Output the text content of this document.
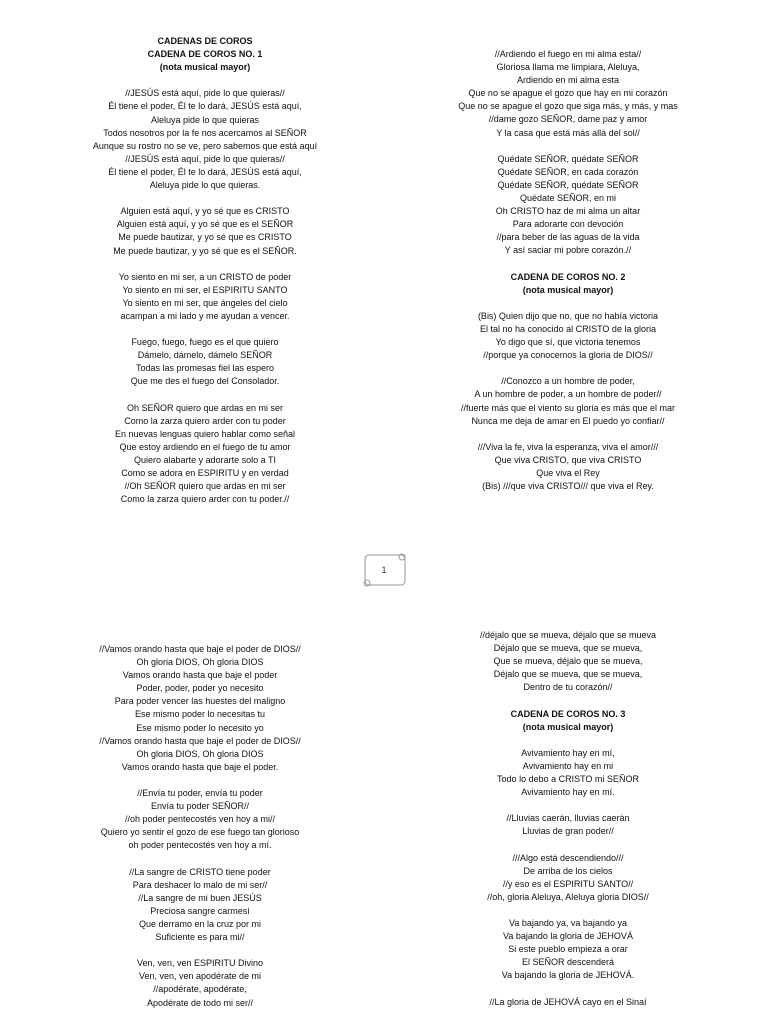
CADENAS DE COROS
CADENA DE COROS NO. 1
(nota musical mayor)
//JESÚS está aquí, pide lo que quieras//
Él tiene el poder, Él te lo dará, JESÚS está aquí,
Aleluya pide lo que quieras
Todos nosotros por la fe nos acercamos al SEÑOR
Aunque su rostro no se ve, pero sabemos que está aquí
//JESÚS está aquí, pide lo que quieras//
Él tiene el poder, Él te lo dará, JESÚS está aquí,
Aleluya pide lo que quieras.
Alguien está aquí, y yo sé que es CRISTO
Alguien está aquí, y yo sé que es el SEÑOR
Me puede bautizar, y yo sé que es CRISTO
Me puede bautizar, y yo sé que es el SEÑOR.
Yo siento en mi ser, a un CRISTO de poder
Yo siento en mi ser, el ESPIRITU SANTO
Yo siento en mi ser, que ángeles del cielo
acampan a mi lado y me ayudan a vencer.
Fuego, fuego, fuego es el que quiero
Dámelo, dámelo, dámelo SEÑOR
Todas las promesas fiel las espero
Que me des el fuego del Consolador.
Oh SEÑOR quiero que ardas en mi ser
Como la zarza quiero arder con tu poder
En nuevas lenguas quiero hablar como señal
Que estoy ardiendo en el fuego de tu amor
Quiero alabarte y adorarte solo a TI
Como se adora en ESPIRITU y en verdad
//Oh SEÑOR quiero que ardas en mi ser
Como la zarza quiero arder con tu poder.//
//Ardiendo el fuego en mi alma esta//
Gloriosa llama me limpiara, Aleluya,
Ardiendo en mi alma esta
Que no se apague el gozo que hay en mi corazón
Que no se apague el gozo que siga más, y más, y mas
//dame gozo SEÑOR, dame paz y amor
Y la casa que está más allá del sol//
Quédate SEÑOR, quédate SEÑOR
Quédate SEÑOR, en cada corazón
Quédate SEÑOR, quédate SEÑOR
Quédate SEÑOR, en mi
Oh CRISTO haz de mi alma un altar
Para adorarte con devoción
//para beber de las aguas de la vida
Y así saciar mi pobre corazón.//
CADENA DE COROS NO. 2
(nota musical mayor)
(Bis) Quien dijo que no, que no había victoria
El tal no ha conocido al CRISTO de la gloria
Yo digo que sí, que victoria tenemos
//porque ya conocemos la gloria de DIOS//
//Conozco a un hombre de poder,
A un hombre de poder, a un hombre de poder//
//fuerte más que el viento su gloria es más que el mar
Nunca me deja de amar en El puedo yo confiar//
///Viva la fe, viva la esperanza, viva el amor///
Que viva CRISTO, que viva CRISTO
Que viva el Rey
(Bis) ///que viva CRISTO/// que viva el Rey.
1
//Vamos orando hasta que baje el poder de DIOS//
Oh gloria DIOS, Oh gloria DIOS
Vamos orando hasta que baje el poder
Poder, poder, poder yo necesito
Para poder vencer las huestes del maligno
Ese mismo poder lo necesitas tu
Ese mismo poder lo necesito yo
//Vamos orando hasta que baje el poder de DIOS//
Oh gloria DIOS, Oh gloria DIOS
Vamos orando hasta que baje el poder.
//Envía tu poder, envía tu poder
Envía tu poder SEÑOR//
//oh poder pentecostés ven hoy a mi//
Quiero yo sentir el gozo de ese fuego tan glorioso
oh poder pentecostés ven hoy a mí.
//La sangre de CRISTO tiene poder
Para deshacer lo malo de mi ser//
//La sangre de mi buen JESÚS
Preciosa sangre carmesí
Que derramo en la cruz por mi
Suficiente es para mi//
Ven, ven, ven ESPIRITU Divino
Ven, ven, ven apodérate de mi
//apodérate, apodérate,
Apodérate de todo mi ser//
//déjalo que se mueva, déjalo que se mueva
Déjalo que se mueva, que se mueva,
Que se mueva, déjalo que se mueva,
Déjalo que se mueva, que se mueva,
Dentro de tu corazón//
CADENA DE COROS NO. 3
(nota musical mayor)
Avivamiento hay en mí,
Avivamiento hay en mi
Todo lo debo a CRISTO mi SEÑOR
Avivamiento hay en mí.
//Lluvias caerán, lluvias caerán
Lluvias de gran poder//
///Algo está descendiendo///
De arriba de los cielos
//y eso es el ESPIRITU SANTO//
//oh, gloria Aleluya, Aleluya gloria DIOS//
Va bajando ya, va bajando ya
Va bajando la gloria de JEHOVÁ
Si este pueblo empieza a orar
El SEÑOR descenderá
Va bajando la gloria de JEHOVÁ.
//La gloria de JEHOVÁ cayo en el Sinaí
